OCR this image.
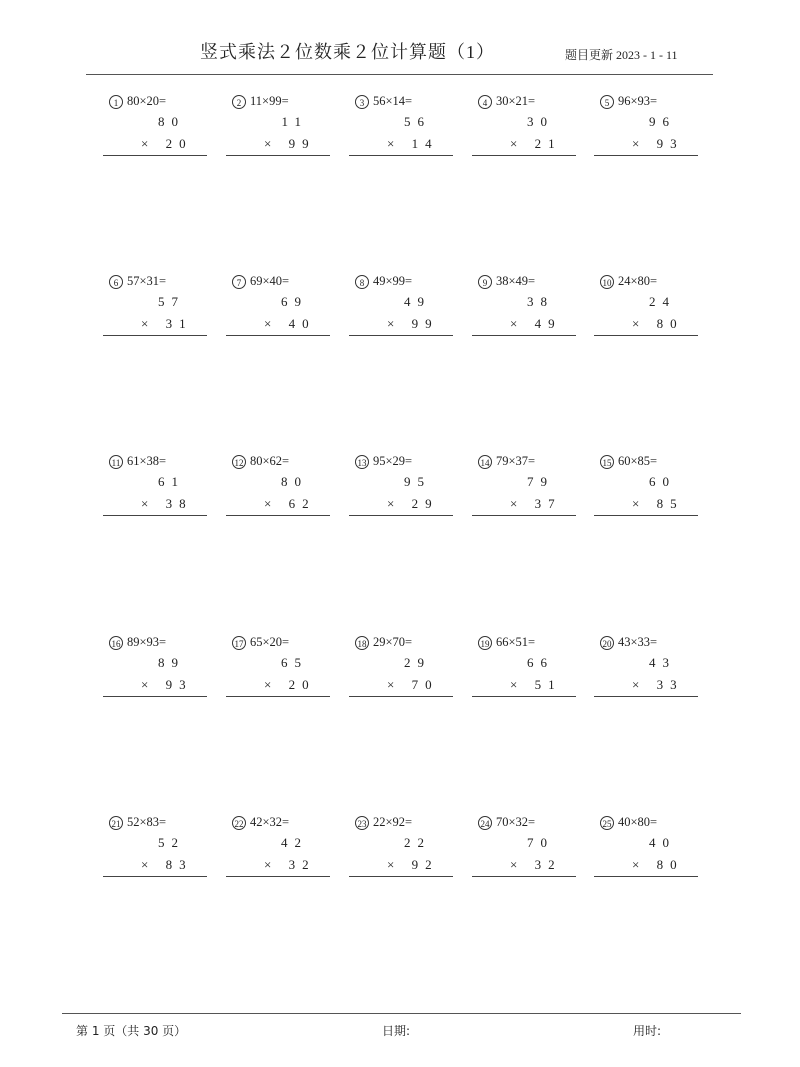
竖式乘法２位数乘２位计算题（1）	题目更新 2023 - 1 - 11
1 80×20=
80
× 20
2 11×99=
11
× 99
3 56×14=
56
× 14
4 30×21=
30
× 21
5 96×93=
96
× 93
6 57×31=
57
× 31
7 69×40=
69
× 40
8 49×99=
49
× 99
9 38×49=
38
× 49
10 24×80=
24
× 80
11 61×38=
61
× 38
12 80×62=
80
× 62
13 95×29=
95
× 29
14 79×37=
79
× 37
15 60×85=
60
× 85
16 89×93=
89
× 93
17 65×20=
65
× 20
18 29×70=
29
× 70
19 66×51=
66
× 51
20 43×33=
43
× 33
21 52×83=
52
× 83
22 42×32=
42
× 32
23 22×92=
22
× 92
24 70×32=
70
× 32
25 40×80=
40
× 80
第 1 页（共 30 页）	日期:	用时:
